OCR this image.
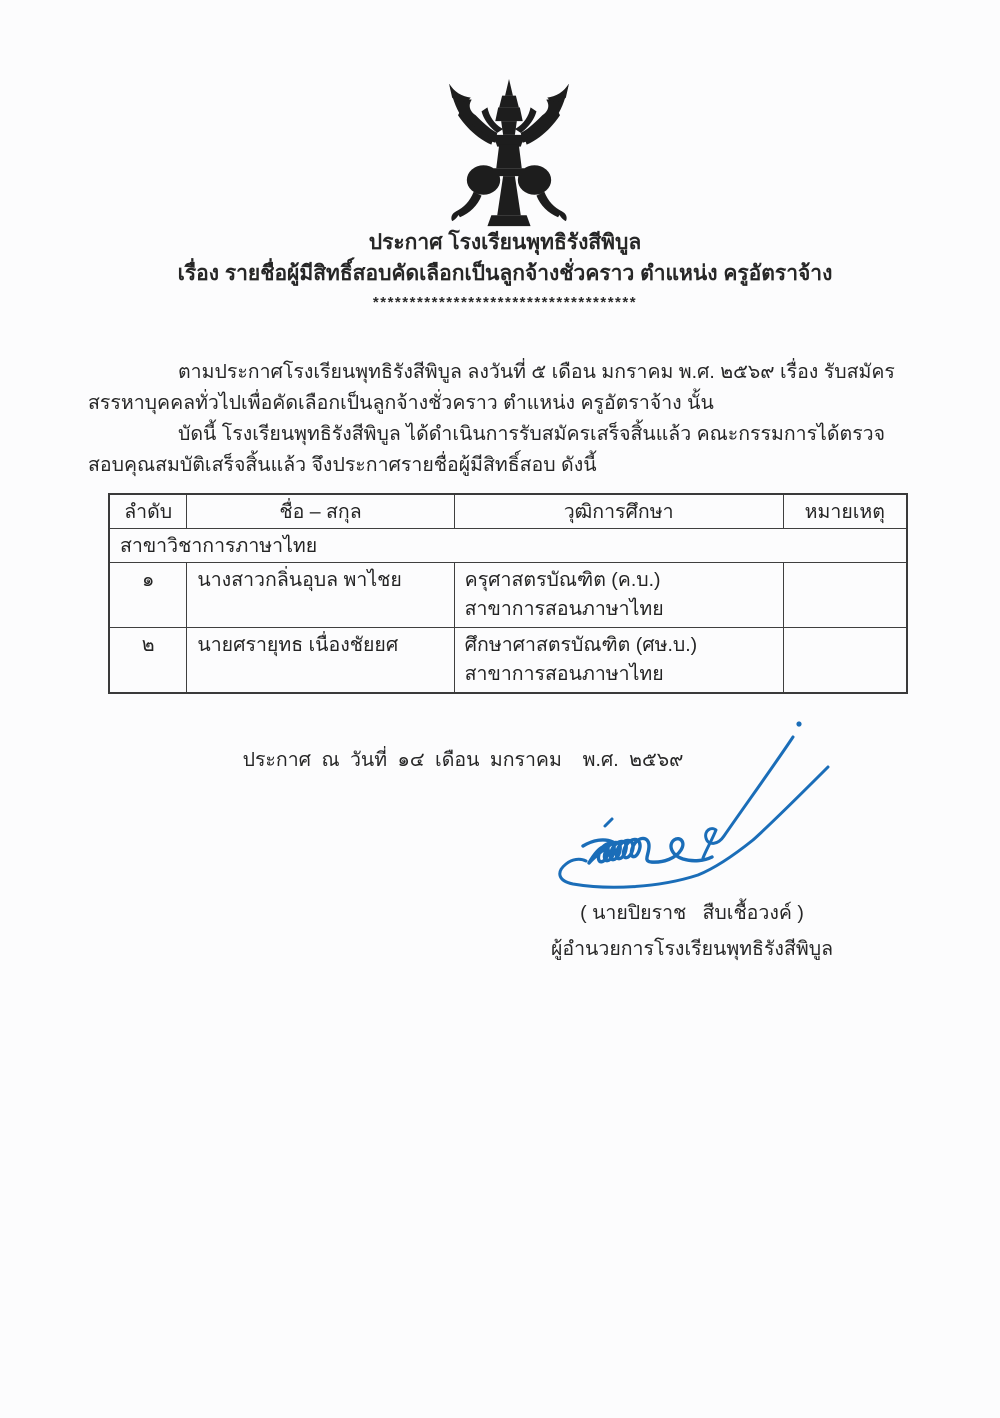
ประกาศ โรงเรียนพุทธิรังสีพิบูล
เรื่อง รายชื่อผู้มีสิทธิ์สอบคัดเลือกเป็นลูกจ้างชั่วคราว ตำแหน่ง ครูอัตราจ้าง
************************************

ตามประกาศโรงเรียนพุทธิรังสีพิบูล ลงวันที่ ๕ เดือน มกราคม พ.ศ. ๒๕๖๙ เรื่อง รับสมัครสรรหาบุคคลทั่วไปเพื่อคัดเลือกเป็นลูกจ้างชั่วคราว ตำแหน่ง ครูอัตราจ้าง นั้น

บัดนี้ โรงเรียนพุทธิรังสีพิบูล ได้ดำเนินการรับสมัครเสร็จสิ้นแล้ว คณะกรรมการได้ตรวจสอบคุณสมบัติเสร็จสิ้นแล้ว จึงประกาศรายชื่อผู้มีสิทธิ์สอบ ดังนี้

ลำดับ	ชื่อ – สกุล	วุฒิการศึกษา	หมายเหตุ
สาขาวิชาการภาษาไทย			
๑	นางสาวกลิ่นอุบล พาไชย	ครุศาสตรบัณฑิต (ค.บ.)
สาขาการสอนภาษาไทย	

๒	นายศรายุทธ เนื่องชัยยศ	ศึกษาศาสตรบัณฑิต (ศษ.บ.)
สาขาการสอนภาษาไทย	

ประกาศ ณ วันที่ ๑๔ เดือน มกราคม  พ.ศ. ๒๕๖๙
( นายปิยราช   สืบเชื้อวงค์ )
ผู้อำนวยการโรงเรียนพุทธิรังสีพิบูล
